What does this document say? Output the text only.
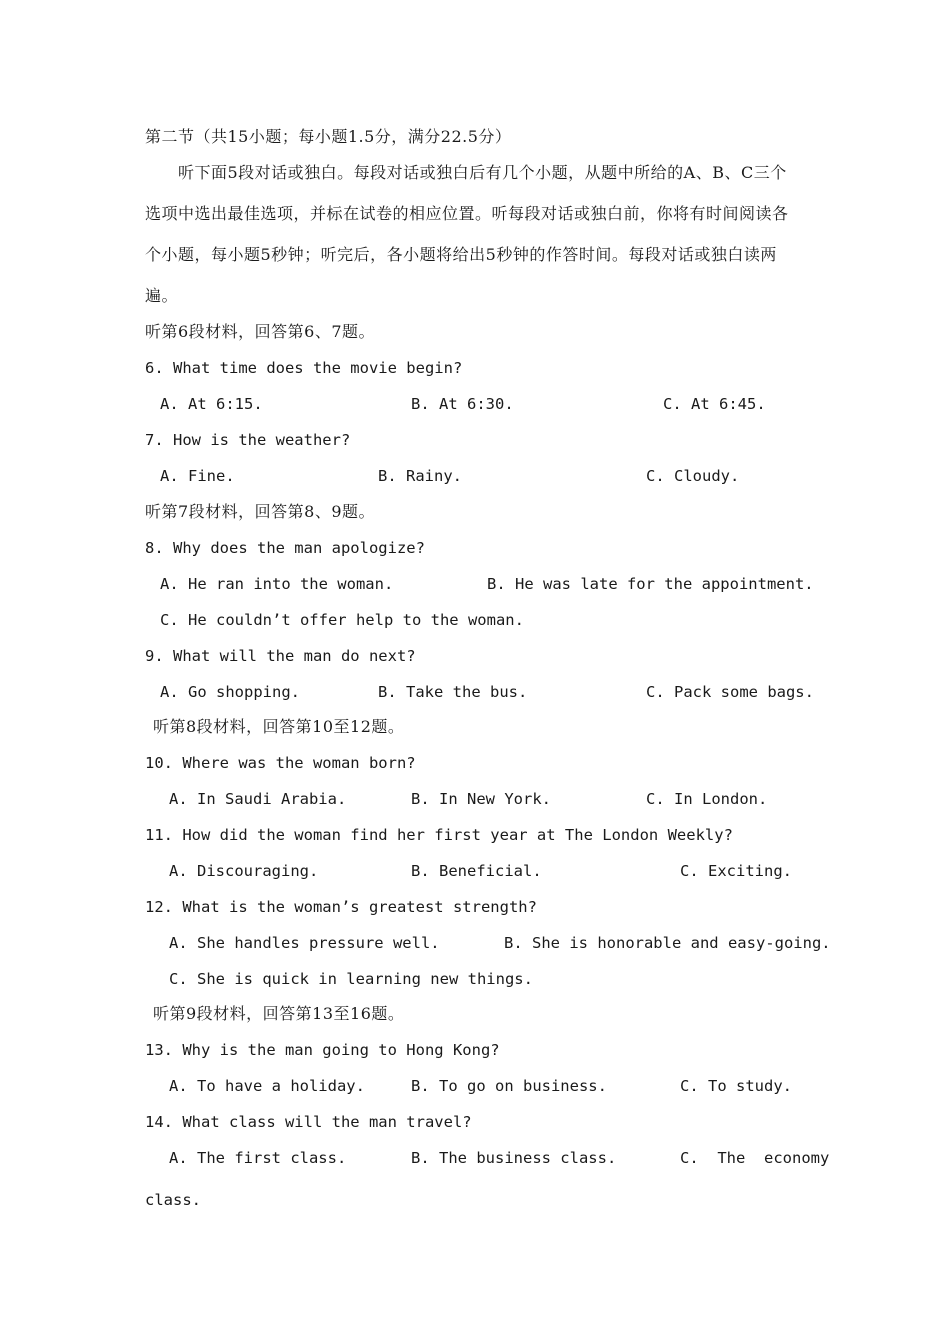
第二节（共15小题；每小题1.5分，满分22.5分）
听下面5段对话或独白。每段对话或独白后有几个小题，从题中所给的A、B、C三个
选项中选出最佳选项，并标在试卷的相应位置。听每段对话或独白前，你将有时间阅读各
个小题，每小题5秒钟；听完后，各小题将给出5秒钟的作答时间。每段对话或独白读两
遍。
听第6段材料，回答第6、7题。
6. What time does the movie begin?
A. At 6:15.	B. At 6:30.	C. At 6:45.
7. How is the weather?
A. Fine.	B. Rainy.	C. Cloudy.
听第7段材料，回答第8、9题。
8. Why does the man apologize?
A. He ran into the woman.	B. He was late for the appointment.
C. He couldn’t offer help to the woman.
9. What will the man do next?
A. Go shopping.	B. Take the bus.	C. Pack some bags.
听第8段材料，回答第10至12题。
10. Where was the woman born?
A. In Saudi Arabia.	B. In New York.	C. In London.
11. How did the woman find her first year at The London Weekly?
A. Discouraging.	B. Beneficial.	C. Exciting.
12. What is the woman’s greatest strength?
A. She handles pressure well.	B. She is honorable and easy-going.
C. She is quick in learning new things.
听第9段材料，回答第13至16题。
13. Why is the man going to Hong Kong?
A. To have a holiday.	B. To go on business.	C. To study.
14. What class will the man travel?
A. The first class.	B. The business class.	C.  The  economy
class.
